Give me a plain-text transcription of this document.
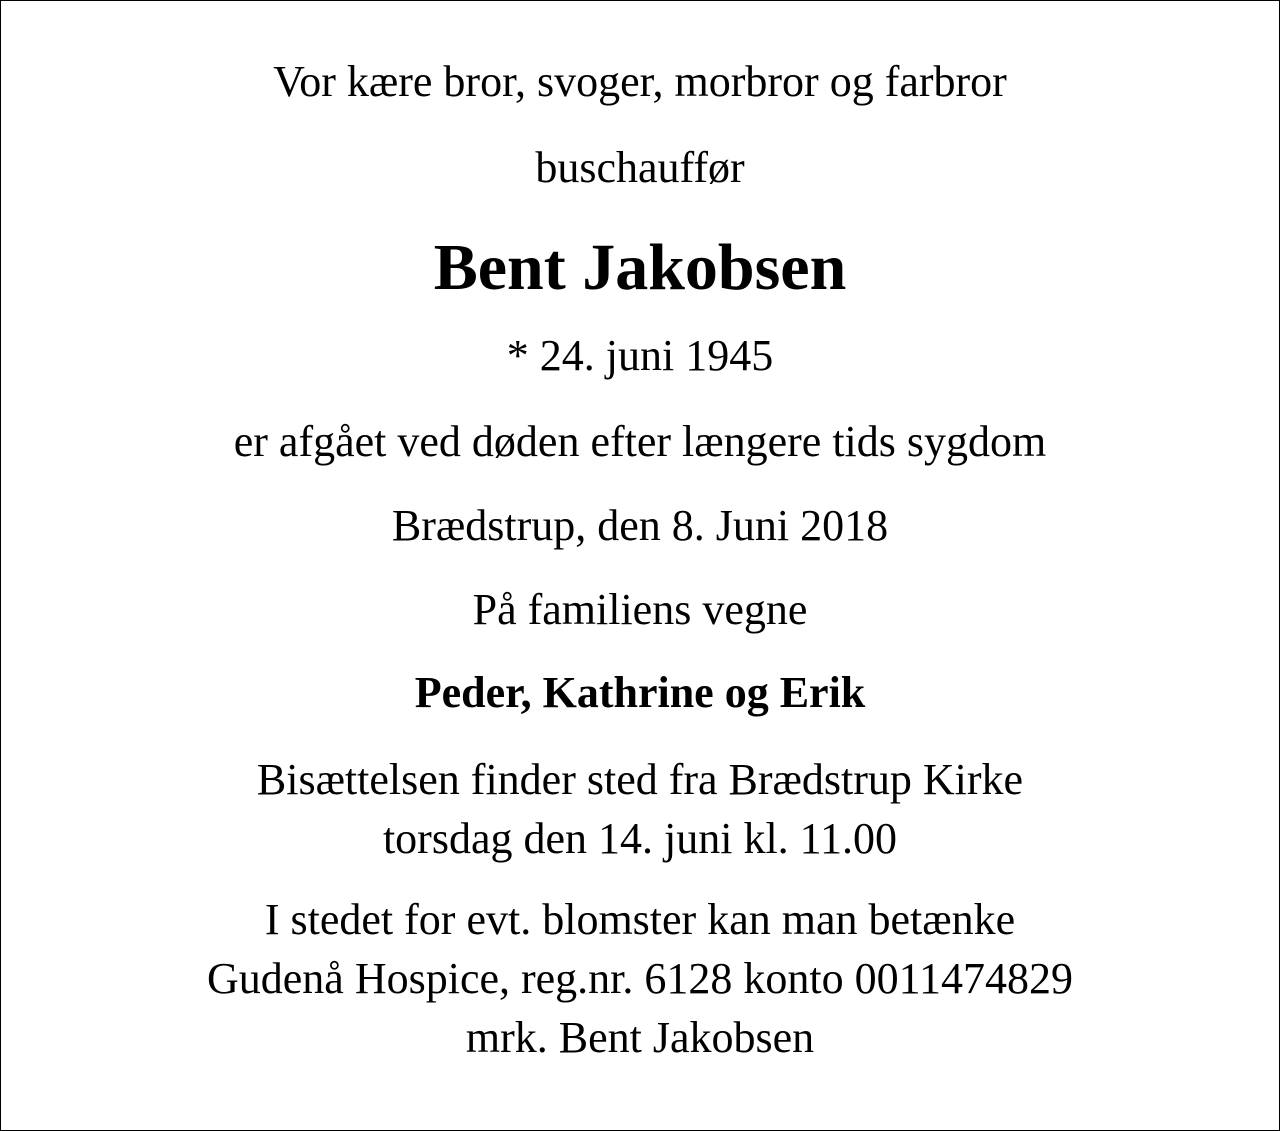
Vor kære bror, svoger, morbror og farbror
buschauffør
Bent Jakobsen
* 24. juni 1945
er afgået ved døden efter længere tids sygdom
Brædstrup, den 8. Juni 2018
På familiens vegne
Peder, Kathrine og Erik
Bisættelsen finder sted fra Brædstrup Kirke
torsdag den 14. juni kl. 11.00
I stedet for evt. blomster kan man betænke
Gudenå Hospice, reg.nr. 6128 konto 0011474829
mrk. Bent Jakobsen
